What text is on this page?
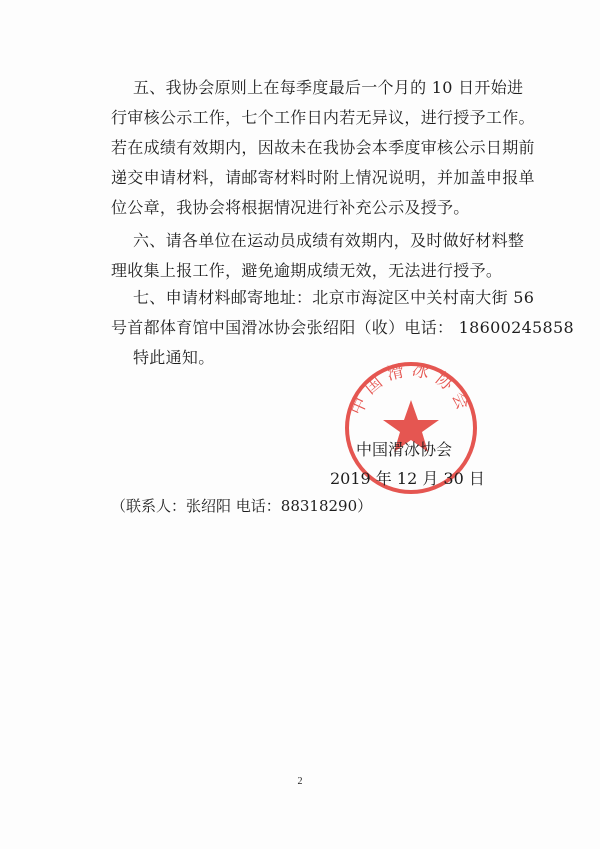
五、我协会原则上在每季度最后一个月的 10 日开始进
行审核公示工作，七个工作日内若无异议，进行授予工作。
若在成绩有效期内，因故未在我协会本季度审核公示日期前
递交申请材料，请邮寄材料时附上情况说明，并加盖申报单
位公章，我协会将根据情况进行补充公示及授予。
六、请各单位在运动员成绩有效期内，及时做好材料整
理收集上报工作，避免逾期成绩无效，无法进行授予。
七、申请材料邮寄地址：北京市海淀区中关村南大街 56
号首都体育馆中国滑冰协会张绍阳（收）电话： 18600245858
特此通知。
中国滑冰协会
中国滑冰协会
2019 年 12 月 30 日
（联系人：张绍阳 电话：88318290）
2
